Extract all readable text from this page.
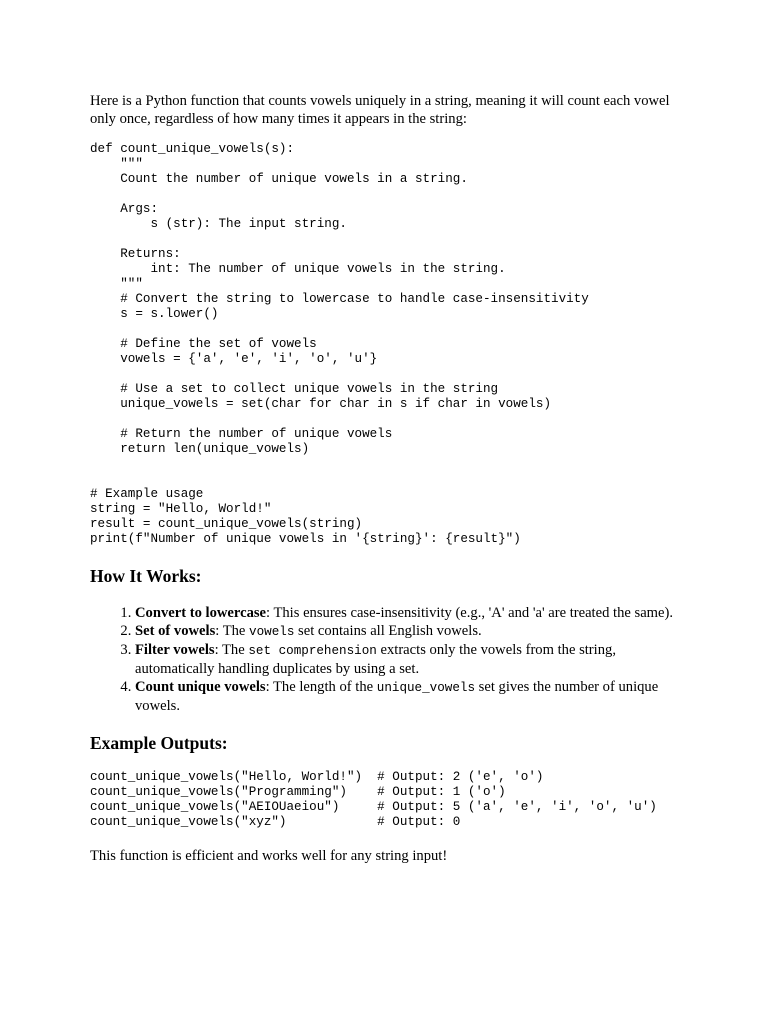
Here is a Python function that counts vowels uniquely in a string, meaning it will count each vowel only once, regardless of how many times it appears in the string:

def count_unique_vowels(s):
"""
Count the number of unique vowels in a string.

Args:
s (str): The input string.

Returns:
int: The number of unique vowels in the string.
"""
# Convert the string to lowercase to handle case-insensitivity
s = s.lower()

# Define the set of vowels
vowels = {'a', 'e', 'i', 'o', 'u'}

# Use a set to collect unique vowels in the string
unique_vowels = set(char for char in s if char in vowels)

# Return the number of unique vowels
return len(unique_vowels)

# Example usage
string = "Hello, World!"
result = count_unique_vowels(string)
print(f"Number of unique vowels in '{string}': {result}")
How It Works:
1. Convert to lowercase: This ensures case-insensitivity (e.g., 'A' and 'a' are treated the same).
2. Set of vowels: The vowels set contains all English vowels.
3. Filter vowels: The set comprehension extracts only the vowels from the string, automatically handling duplicates by using a set.
4. Count unique vowels: The length of the unique_vowels set gives the number of unique vowels.
Example Outputs:
count_unique_vowels("Hello, World!")  # Output: 2 ('e', 'o')
count_unique_vowels("Programming")    # Output: 1 ('o')
count_unique_vowels("AEIOUaeiou")     # Output: 5 ('a', 'e', 'i', 'o', 'u')
count_unique_vowels("xyz")            # Output: 0

This function is efficient and works well for any string input!
